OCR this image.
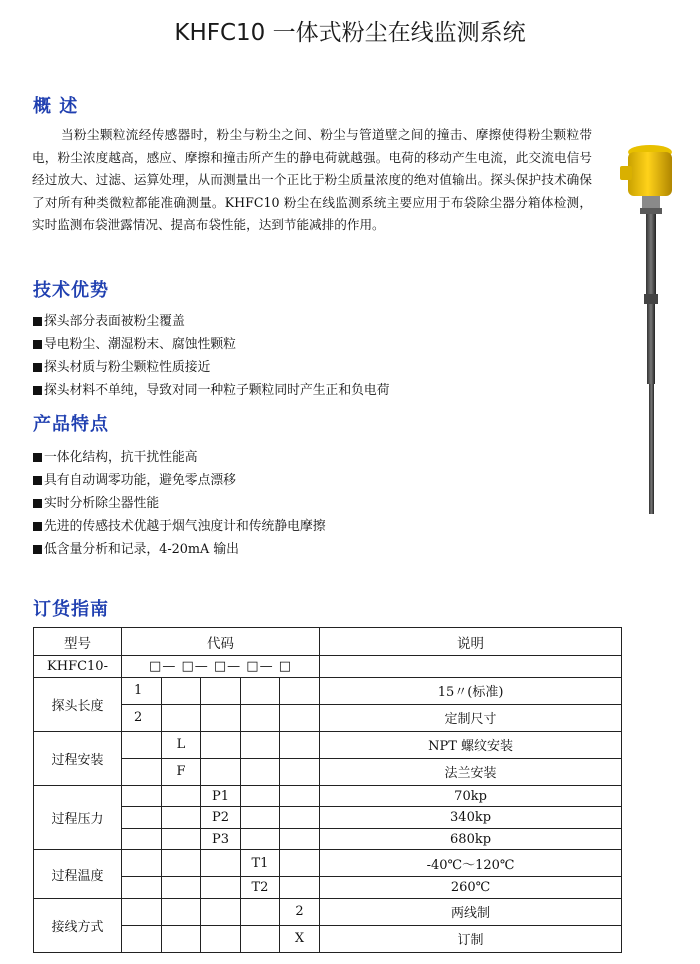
KHFC10 一体式粉尘在线监测系统
概 述
当粉尘颗粒流经传感器时，粉尘与粉尘之间、粉尘与管道壁之间的撞击、摩擦使得粉尘颗粒带电，粉尘浓度越高，感应、摩擦和撞击所产生的静电荷就越强。电荷的移动产生电流，此交流电信号经过放大、过滤、运算处理，从而测量出一个正比于粉尘质量浓度的绝对值输出。探头保护技术确保了对所有种类微粒都能准确测量。KHFC10 粉尘在线监测系统主要应用于布袋除尘器分箱体检测，实时监测布袋泄露情况、提高布袋性能，达到节能减排的作用。
技术优势
探头部分表面被粉尘覆盖
导电粉尘、潮湿粉末、腐蚀性颗粒
探头材质与粉尘颗粒性质接近
探头材料不单纯，导致对同一种粒子颗粒同时产生正和负电荷
产品特点
一体化结构，抗干扰性能高
具有自动调零功能，避免零点漂移
实时分析除尘器性能
先进的传感技术优越于烟气浊度计和传统静电摩擦
低含量分析和记录，4-20mA 输出
订货指南
型号	代码					说明
KHFC10-	□— □— □— □— □					
探头长度	1					15〃(标准)
	2					定制尺寸
过程安装		L				NPT 螺纹安装
		F				法兰安装
过程压力			P1			70kp
			P2			340kp
			P3			680kp
过程温度				T1		-40℃～120℃
				T2		260℃
接线方式					2	两线制
					X	订制
